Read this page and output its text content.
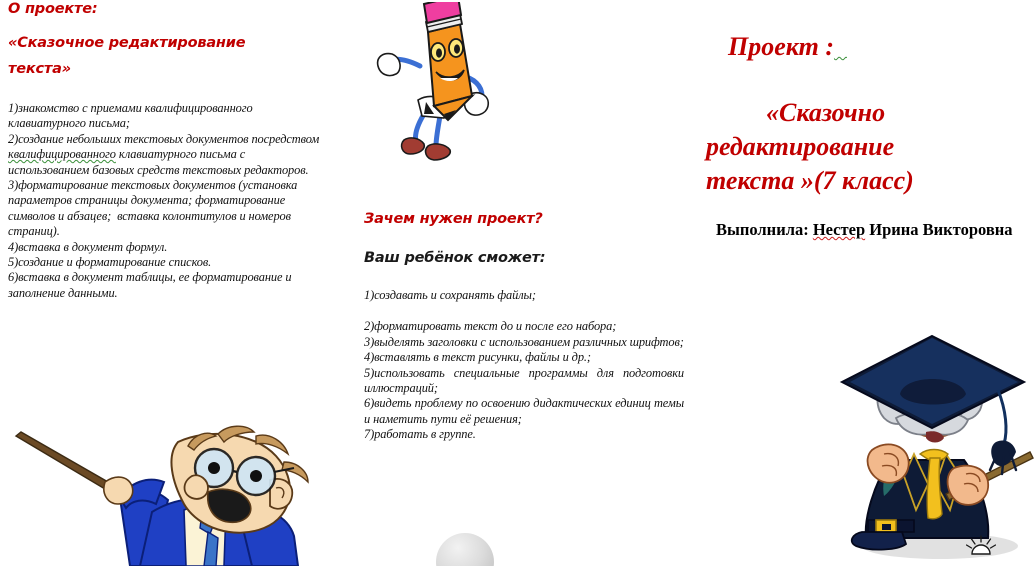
О проекте:
«Сказочное редактирование
текста»
1)знакомство с приемами квалифицированного клавиатурного письма;
2)создание небольших текстовых документов посредством квалифицированного клавиатурного письма с использованием базовых средств текстовых редакторов.
3)форматирование текстовых документов (установка параметров страницы документа; форматирование символов и абзацев;  вставка колонтитулов и номеров страниц).
4)вставка в документ формул.
5)создание и форматирование списков.
6)вставка в документ таблицы, ее форматирование и заполнение данными.
Зачем нужен проект?
Ваш ребёнок сможет:
1)создавать и сохранять файлы;
2)форматировать текст до и после его набора;
3)выделять заголовки с использованием различных шрифтов;
4)вставлять в текст рисунки, файлы и др.;
5)использовать специальные программы для подготовки иллюстраций;
6)видеть проблему по освоению дидактических единиц темы и наметить пути её решения;
7)работать в группе.
Проект :
«Сказочно
редактирование
текста »(7 класс)
Выполнила: Нестер Ирина Викторовна
